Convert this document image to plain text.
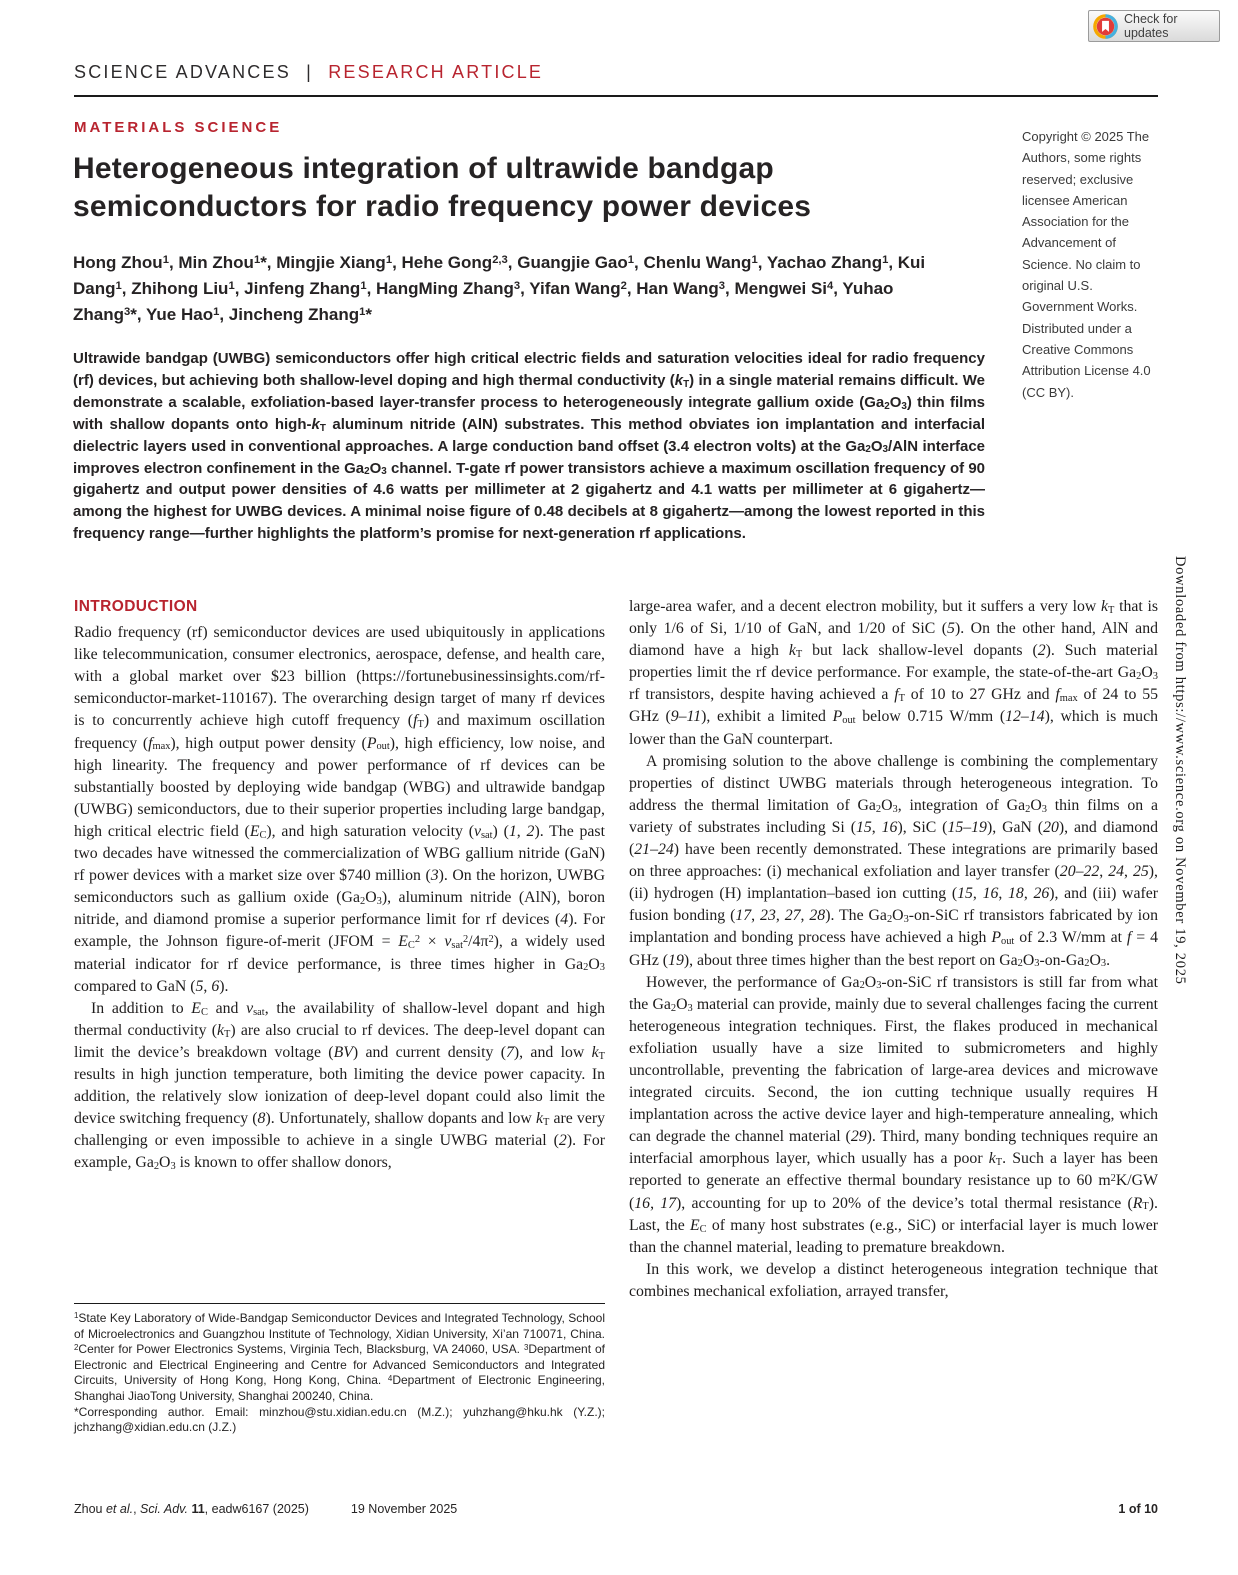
Check for updates
SCIENCE ADVANCES | RESEARCH ARTICLE
MATERIALS SCIENCE
Copyright © 2025 The Authors, some rights reserved; exclusive licensee American Association for the Advancement of Science. No claim to original U.S. Government Works. Distributed under a Creative Commons Attribution License 4.0 (CC BY).
Heterogeneous integration of ultrawide bandgap semiconductors for radio frequency power devices
Hong Zhou$^1$, Min Zhou$^1$*, Mingjie Xiang$^1$, Hehe Gong$^{2,3}$, Guangjie Gao$^1$, Chenlu Wang$^1$, Yachao Zhang$^1$, Kui Dang$^1$, Zhihong Liu$^1$, Jinfeng Zhang$^1$, HangMing Zhang$^3$, Yifan Wang$^2$, Han Wang$^3$, Mengwei Si$^4$, Yuhao Zhang$^3$*, Yue Hao$^1$, Jincheng Zhang$^1$*
Ultrawide bandgap (UWBG) semiconductors offer high critical electric fields and saturation velocities ideal for radio frequency (rf) devices, but achieving both shallow-level doping and high thermal conductivity $(k_T)$ in a single material remains difficult. We demonstrate a scalable, exfoliation-based layer-transfer process to heterogeneously integrate gallium oxide $(Ga_2O_3)$ thin films with shallow dopants onto high-$k_T$ aluminum nitride (AlN) substrates. This method obviates ion implantation and interfacial dielectric layers used in conventional approaches. A large conduction band offset (3.4 electron volts) at the $Ga_2O_3$/AlN interface improves electron confinement in the $Ga_2O_3$ channel. T-gate rf power transistors achieve a maximum oscillation frequency of 90 gigahertz and output power densities of 4.6 watts per millimeter at 2 gigahertz and 4.1 watts per millimeter at 6 gigahertz—among the highest for UWBG devices. A minimal noise figure of 0.48 decibels at 8 gigahertz—among the lowest reported in this frequency range—further highlights the platform’s promise for next-generation rf applications.
INTRODUCTION

Radio frequency (rf) semiconductor devices are used ubiquitously in applications like telecommunication, consumer electronics, aerospace, defense, and health care, with a global market over $23 billion (https://fortunebusinessinsights.com/rf-semiconductor-market-110167). The overarching design target of many rf devices is to concurrently achieve high cutoff frequency $(f_T)$ and maximum oscillation frequency $(f_{max})$, high output power density $(P_{out})$, high efficiency, low noise, and high linearity. The frequency and power performance of rf devices can be substantially boosted by deploying wide bandgap (WBG) and ultrawide bandgap (UWBG) semiconductors, due to their superior properties including large bandgap, high critical electric field $(E_C)$, and high saturation velocity $(\nu_{sat})$ (1, 2). The past two decades have witnessed the commercialization of WBG gallium nitride (GaN) rf power devices with a market size over $740 million (3). On the horizon, UWBG semiconductors such as gallium oxide $(Ga_2O_3)$, aluminum nitride (AlN), boron nitride, and diamond promise a superior performance limit for rf devices (4). For example, the Johnson figure-of-merit (JFOM = $E_C^2 \times \nu_{sat}^2/4\pi^2$), a widely used material indicator for rf device performance, is three times higher in $Ga_2O_3$ compared to GaN (5, 6).

In addition to $E_C$ and $\nu_{sat}$, the availability of shallow-level dopant and high thermal conductivity $(k_T)$ are also crucial to rf devices. The deep-level dopant can limit the device’s breakdown voltage (BV) and current density (7), and low $k_T$ results in high junction temperature, both limiting the device power capacity. In addition, the relatively slow ionization of deep-level dopant could also limit the device switching frequency (8). Unfortunately, shallow dopants and low $k_T$ are very challenging or even impossible to achieve in a single UWBG material (2). For example, $Ga_2O_3$ is known to offer shallow donors,

large-area wafer, and a decent electron mobility, but it suffers a very low $k_T$ that is only 1/6 of Si, 1/10 of GaN, and 1/20 of SiC (5). On the other hand, AlN and diamond have a high $k_T$ but lack shallow-level dopants (2). Such material properties limit the rf device performance. For example, the state-of-the-art $Ga_2O_3$ rf transistors, despite having achieved a $f_T$ of 10 to 27 GHz and $f_{max}$ of 24 to 55 GHz (9–11), exhibit a limited $P_{out}$ below 0.715 W/mm (12–14), which is much lower than the GaN counterpart.

A promising solution to the above challenge is combining the complementary properties of distinct UWBG materials through heterogeneous integration. To address the thermal limitation of $Ga_2O_3$, integration of $Ga_2O_3$ thin films on a variety of substrates including Si (15, 16), SiC (15–19), GaN (20), and diamond (21–24) have been recently demonstrated. These integrations are primarily based on three approaches: (i) mechanical exfoliation and layer transfer (20–22, 24, 25), (ii) hydrogen (H) implantation–based ion cutting (15, 16, 18, 26), and (iii) wafer fusion bonding (17, 23, 27, 28). The $Ga_2O_3-on$-SiC rf transistors fabricated by ion implantation and bonding process have achieved a high $P_{out}$ of 2.3 W/mm at f = 4 GHz (19), about three times higher than the best report on $Ga_2O_3-on-Ga_2O_3$.

However, the performance of $Ga_2O_3-on$-SiC rf transistors is still far from what the $Ga_2O_3$ material can provide, mainly due to several challenges facing the current heterogeneous integration techniques. First, the flakes produced in mechanical exfoliation usually have a size limited to submicrometers and highly uncontrollable, preventing the fabrication of large-area devices and microwave integrated circuits. Second, the ion cutting technique usually requires H implantation across the active device layer and high-temperature annealing, which can degrade the channel material (29). Third, many bonding techniques require an interfacial amorphous layer, which usually has a poor $k_T$. Such a layer has been reported to generate an effective thermal boundary resistance up to 60 $m^2K/GW$ (16, 17), accounting for up to 20% of the device’s total thermal resistance $(R_T)$. Last, the $E_C$ of many host substrates (e.g., SiC) or interfacial layer is much lower than the channel material, leading to premature breakdown.

In this work, we develop a distinct heterogeneous integration technique that combines mechanical exfoliation, arrayed transfer,

$^1$State Key Laboratory of Wide-Bandgap Semiconductor Devices and Integrated Technology, School of Microelectronics and Guangzhou Institute of Technology, Xidian University, Xi’an 710071, China. $^2$Center for Power Electronics Systems, Virginia Tech, Blacksburg, VA 24060, USA. $^3$Department of Electronic and Electrical Engineering and Centre for Advanced Semiconductors and Integrated Circuits, University of Hong Kong, Hong Kong, China. $^4$Department of Electronic Engineering, Shanghai JiaoTong University, Shanghai 200240, China.

*Corresponding author. Email: minzhou@stu.xidian.edu.cn (M.Z.); yuhzhang@hku.hk (Y.Z.); jchzhang@xidian.edu.cn (J.Z.)

Downloaded from https://www.science.org on November 19, 2025
Zhou et al., Sci. Adv. 11, eadw6167 (2025)	19 November 2025	1 of 10
